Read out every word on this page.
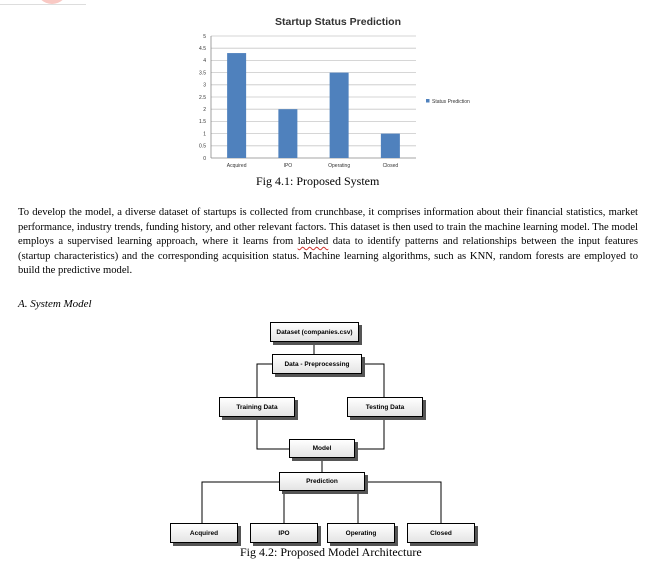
Startup Status Prediction
0
0.5
1
1.5
2
2.5
3
3.5
4
4.5
5
Acquired	IPO	Operating	Closed
Status Prediction
Fig 4.1: Proposed System
To develop the model, a diverse dataset of startups is collected from crunchbase, it comprises information about their financial statistics, market performance, industry trends, funding history, and other relevant factors. This dataset is then used to train the machine learning model. The model employs a supervised learning approach, where it learns from labeled data to identify patterns and relationships between the input features (startup characteristics) and the corresponding acquisition status. Machine learning algorithms, such as KNN, random forests are employed to build the predictive model.
A. System Model
Dataset (companies.csv)
Data - Preprocessing
Training Data	Testing Data
Model
Prediction
Acquired	IPO	Operating	Closed
Fig 4.2: Proposed Model Architecture
